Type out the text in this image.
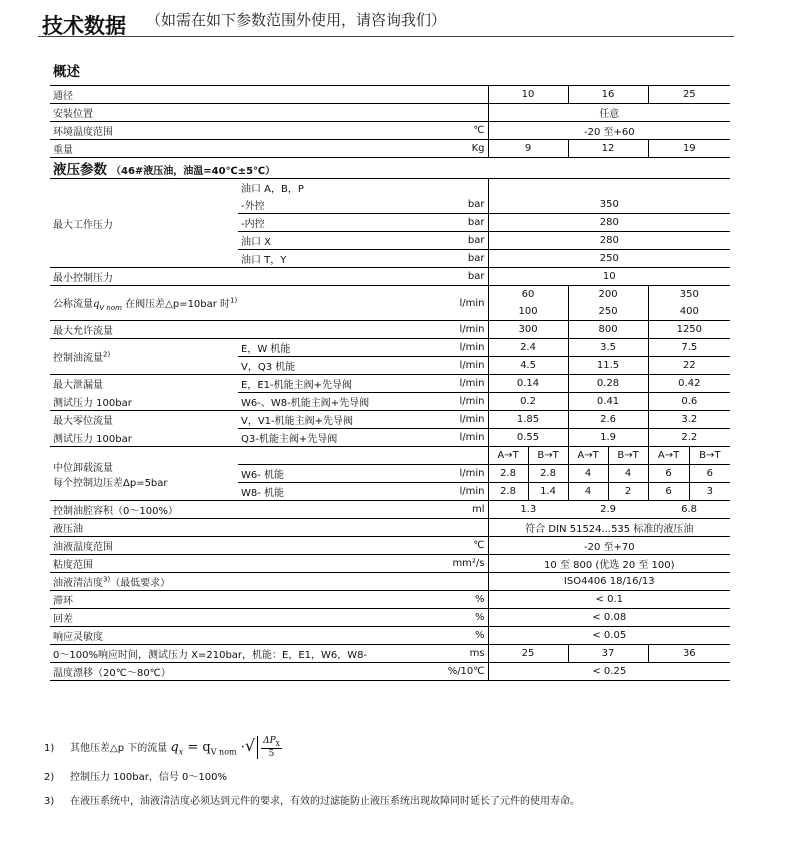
技术数据 （如需在如下参数范围外使用，请咨询我们）
概述
液压参数 （46#液压油，油温=40℃±5℃）
通径			10		16		25	
安装位置			任意					
环境温度范围		℃	-20 至+60					
重量		Kg	9		12		19	

最大工作压力	油口 A，B，P							
	-外控	bar	350					
	-内控	bar	280					
	油口 X	bar	280					
	油口 T，Y	bar	250					
最小控制压力		bar	10					
公称流量$q_{V nom}$ 在阀压差△p=10bar 时$^{1)}$		l/min	60		200		350	
			100		250		400	
最大允许流量		l/min	300		800		1250	
控制油流量$^{2)}$	E，W 机能	l/min	2.4		3.5		7.5	
	V，Q3 机能	l/min	4.5		11.5		22	
最大泄漏量	E，E1-机能主阀+先导阀	l/min	0.14		0.28		0.42	
测试压力 100bar	W6-、W8-机能主阀+先导阀	l/min	0.2		0.41		0.6	
最大零位流量	V，V1-机能主阀+先导阀	l/min	1.85		2.6		3.2	
测试压力 100bar	Q3-机能主阀+先导阀	l/min	0.55		1.9		2.2	

中位卸载流量
每个控制边压差Δp=5bar			A→T	B→T	A→T	B→T	A→T	B→T
	W6- 机能	l/min	2.8	2.8	4	4	6	6
	W8- 机能	l/min	2.8	1.4	4	2	6	3
控制油腔容积（0～100%）		ml	1.3		2.9		6.8	
液压油			符合 DIN 51524...535 标准的液压油					
油液温度范围		℃	-20 至+70					
粘度范围		mm²/s	10 至 800 (优选 20 至 100)					
油液清洁度$^{3)}$（最低要求）			ISO4406 18/16/13					
滞环		%	< 0.1					
回差		%	< 0.08					
响应灵敏度		%	< 0.05					
0～100%响应时间，测试压力 X=210bar，机能：E，E1，W6，W8-		ms	25		37		36	
温度漂移（20℃～80℃）		%/10℃	< 0.25					
1) 其他压差△p 下的流量 $q_x = q_{V nom}$ ·√ $\frac{\Delta P_X}{5}$
2) 控制压力 100bar，信号 0～100%
3) 在液压系统中，油液清洁度必须达到元件的要求，有效的过滤能防止液压系统出现故障同时延长了元件的使用寿命。
